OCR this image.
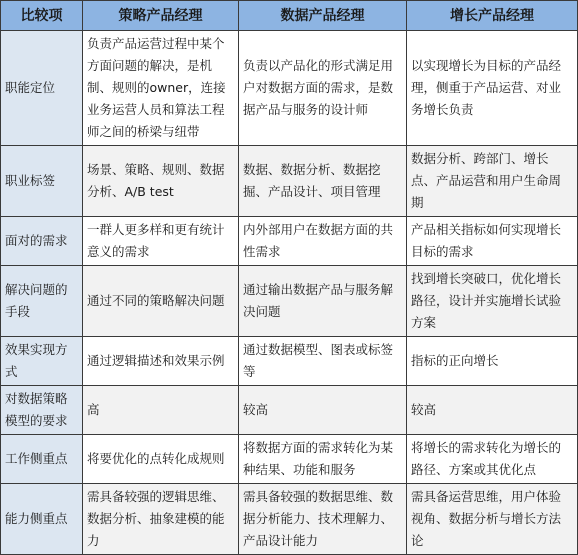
比较项	策略产品经理	数据产品经理	增长产品经理
职能定位	负责产品运营过程中某个方面问题的解决，是机制、规则的owner，连接业务运营人员和算法工程师之间的桥梁与纽带	负责以产品化的形式满足用户对数据方面的需求，是数据产品与服务的设计师	以实现增长为目标的产品经理，侧重于产品运营、对业务增长负责
职业标签	场景、策略、规则、数据分析、A/B test	数据、数据分析、数据挖掘、产品设计、项目管理	数据分析、跨部门、增长点、产品运营和用户生命周期
面对的需求	一群人更多样和更有统计意义的需求	内外部用户在数据方面的共性需求	产品相关指标如何实现增长目标的需求
解决问题的手段	通过不同的策略解决问题	通过输出数据产品与服务解决问题	找到增长突破口，优化增长路径，设计并实施增长试验方案
效果实现方式	通过逻辑描述和效果示例	通过数据模型、图表或标签等	指标的正向增长
对数据策略模型的要求	高	较高	较高
工作侧重点	将要优化的点转化成规则	将数据方面的需求转化为某种结果、功能和服务	将增长的需求转化为增长的路径、方案或其优化点
能力侧重点	需具备较强的逻辑思维、数据分析、抽象建模的能力	需具备较强的数据思维、数据分析能力、技术理解力、产品设计能力	需具备运营思维，用户体验视角、数据分析与增长方法论
